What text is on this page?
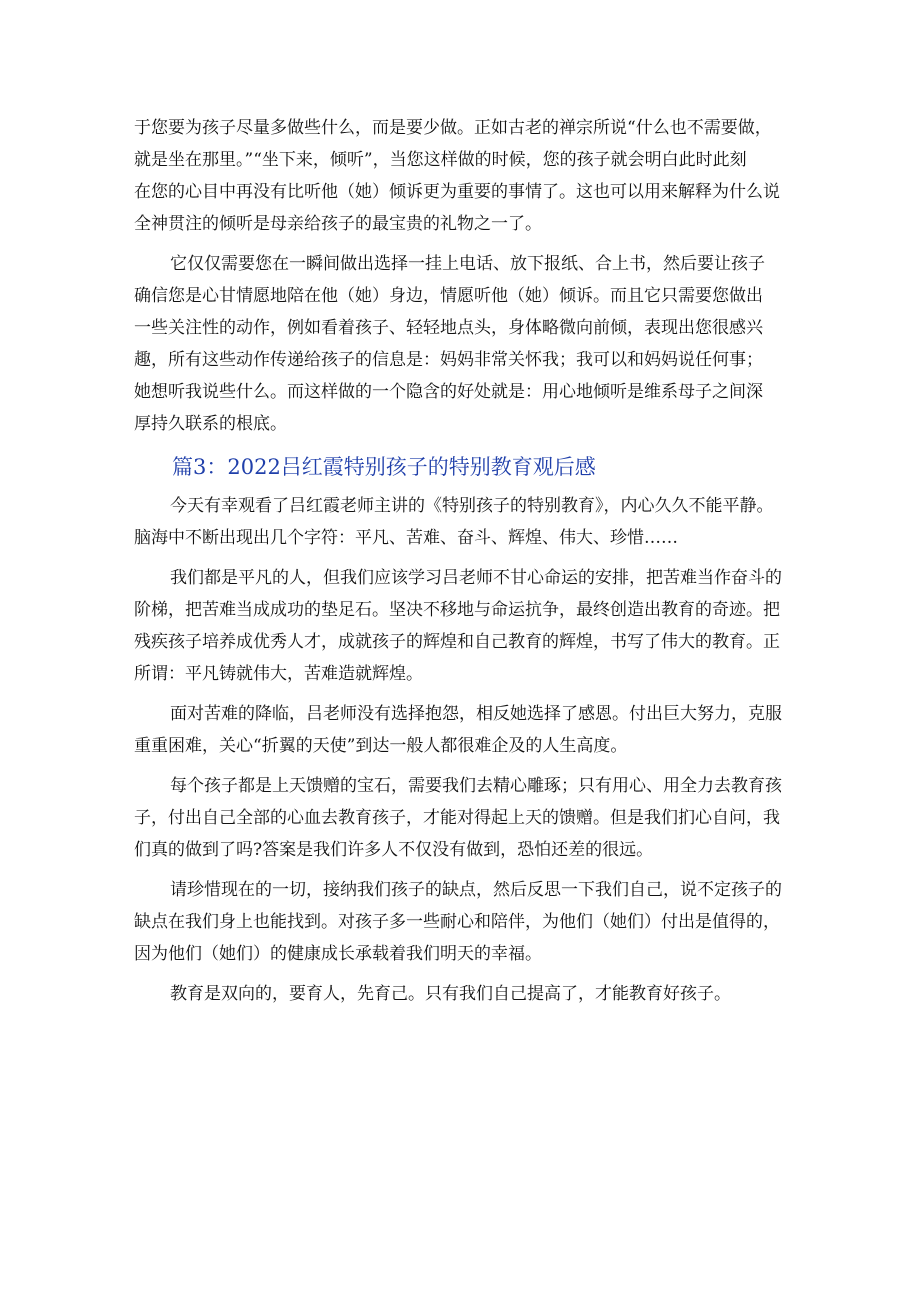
于您要为孩子尽量多做些什么，而是要少做。正如古老的禅宗所说“什么也不需要做，
就是坐在那里。”“坐下来，倾听”，当您这样做的时候，您的孩子就会明白此时此刻
在您的心目中再没有比听他（她）倾诉更为重要的事情了。这也可以用来解释为什么说
全神贯注的倾听是母亲给孩子的最宝贵的礼物之一了。
它仅仅需要您在一瞬间做出选择一挂上电话、放下报纸、合上书，然后要让孩子
确信您是心甘情愿地陪在他（她）身边，情愿听他（她）倾诉。而且它只需要您做出
一些关注性的动作，例如看着孩子、轻轻地点头，身体略微向前倾，表现出您很感兴
趣，所有这些动作传递给孩子的信息是：妈妈非常关怀我；我可以和妈妈说任何事；
她想听我说些什么。而这样做的一个隐含的好处就是：用心地倾听是维系母子之间深
厚持久联系的根底。
篇3：2022吕红霞特别孩子的特别教育观后感
今天有幸观看了吕红霞老师主讲的《特别孩子的特别教育》，内心久久不能平静。
脑海中不断出现出几个字符：平凡、苦难、奋斗、辉煌、伟大、珍惜……
我们都是平凡的人，但我们应该学习吕老师不甘心命运的安排，把苦难当作奋斗的
阶梯，把苦难当成成功的垫足石。坚决不移地与命运抗争，最终创造出教育的奇迹。把
残疾孩子培养成优秀人才，成就孩子的辉煌和自己教育的辉煌，书写了伟大的教育。正
所谓：平凡铸就伟大，苦难造就辉煌。
面对苦难的降临，吕老师没有选择抱怨，相反她选择了感恩。付出巨大努力，克服
重重困难，关心“折翼的天使”到达一般人都很难企及的人生高度。
每个孩子都是上天馈赠的宝石，需要我们去精心雕琢；只有用心、用全力去教育孩
子，付出自己全部的心血去教育孩子，才能对得起上天的馈赠。但是我们扪心自问，我
们真的做到了吗?答案是我们许多人不仅没有做到，恐怕还差的很远。
请珍惜现在的一切，接纳我们孩子的缺点，然后反思一下我们自己，说不定孩子的
缺点在我们身上也能找到。对孩子多一些耐心和陪伴，为他们（她们）付出是值得的，
因为他们（她们）的健康成长承载着我们明天的幸福。
教育是双向的，要育人，先育己。只有我们自己提高了，才能教育好孩子。
